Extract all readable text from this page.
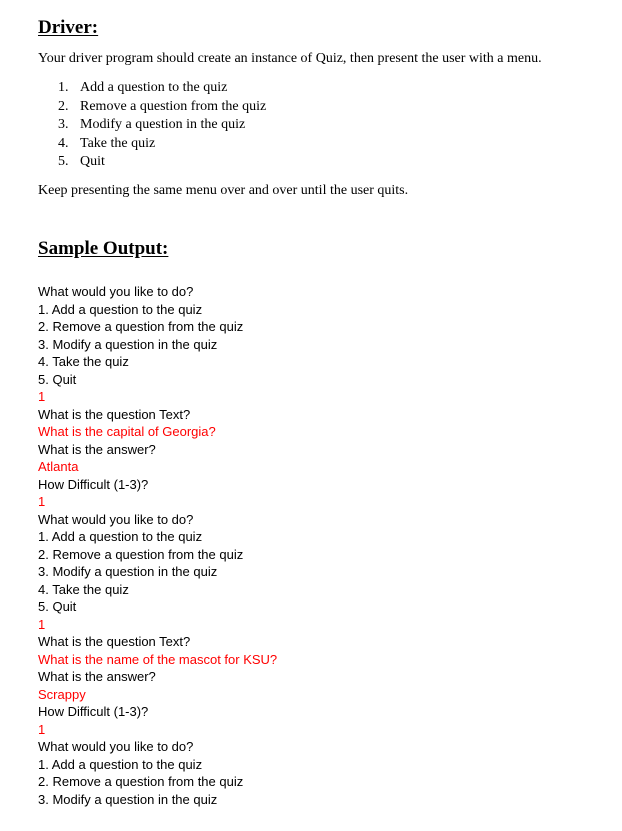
Driver:

Your driver program should create an instance of Quiz, then present the user with a menu.

1. Add a question to the quiz
2. Remove a question from the quiz
3. Modify a question in the quiz
4. Take the quiz
5. Quit

Keep presenting the same menu over and over until the user quits.

Sample Output:
What would you like to do?
1. Add a question to the quiz
2. Remove a question from the quiz
3. Modify a question in the quiz
4. Take the quiz
5. Quit
1
What is the question Text?
What is the capital of Georgia?
What is the answer?
Atlanta
How Difficult (1-3)?
1
What would you like to do?
1. Add a question to the quiz
2. Remove a question from the quiz
3. Modify a question in the quiz
4. Take the quiz
5. Quit
1
What is the question Text?
What is the name of the mascot for KSU?
What is the answer?
Scrappy
How Difficult (1-3)?
1
What would you like to do?
1. Add a question to the quiz
2. Remove a question from the quiz
3. Modify a question in the quiz
